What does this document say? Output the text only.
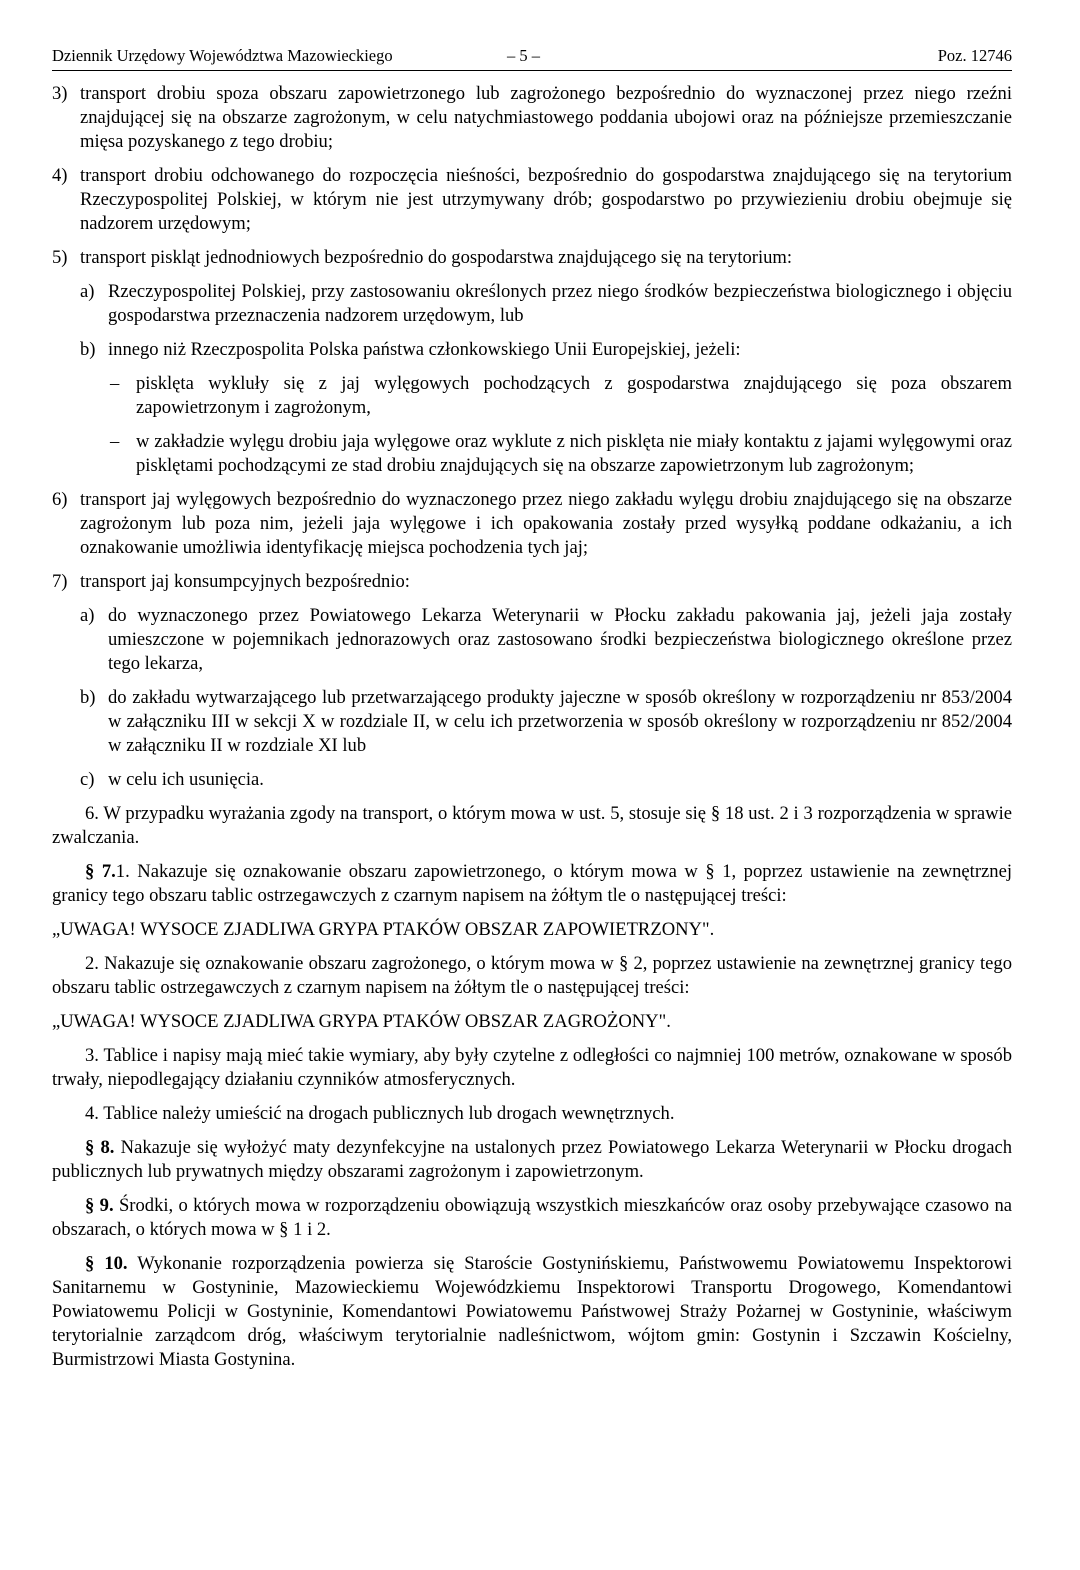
Dziennik Urzędowy Województwa Mazowieckiego	– 5 –	Poz. 12746
3) transport drobiu spoza obszaru zapowietrzonego lub zagrożonego bezpośrednio do wyznaczonej przez niego rzeźni znajdującej się na obszarze zagrożonym, w celu natychmiastowego poddania ubojowi oraz na późniejsze przemieszczanie mięsa pozyskanego z tego drobiu;
4) transport drobiu odchowanego do rozpoczęcia nieśności, bezpośrednio do gospodarstwa znajdującego się na terytorium Rzeczypospolitej Polskiej, w którym nie jest utrzymywany drób; gospodarstwo po przywiezieniu drobiu obejmuje się nadzorem urzędowym;
5) transport piskląt jednodniowych bezpośrednio do gospodarstwa znajdującego się na terytorium:
a) Rzeczypospolitej Polskiej, przy zastosowaniu określonych przez niego środków bezpieczeństwa biologicznego i objęciu gospodarstwa przeznaczenia nadzorem urzędowym, lub
b) innego niż Rzeczpospolita Polska państwa członkowskiego Unii Europejskiej, jeżeli:
– pisklęta wykluły się z jaj wylęgowych pochodzących z gospodarstwa znajdującego się poza obszarem zapowietrzonym i zagrożonym,
– w zakładzie wylęgu drobiu jaja wylęgowe oraz wyklute z nich pisklęta nie miały kontaktu z jajami wylęgowymi oraz pisklętami pochodzącymi ze stad drobiu znajdujących się na obszarze zapowietrzonym lub zagrożonym;
6) transport jaj wylęgowych bezpośrednio do wyznaczonego przez niego zakładu wylęgu drobiu znajdującego się na obszarze zagrożonym lub poza nim, jeżeli jaja wylęgowe i ich opakowania zostały przed wysyłką poddane odkażaniu, a ich oznakowanie umożliwia identyfikację miejsca pochodzenia tych jaj;
7) transport jaj konsumpcyjnych bezpośrednio:
a) do wyznaczonego przez Powiatowego Lekarza Weterynarii w Płocku zakładu pakowania jaj, jeżeli jaja zostały umieszczone w pojemnikach jednorazowych oraz zastosowano środki bezpieczeństwa biologicznego określone przez tego lekarza,
b) do zakładu wytwarzającego lub przetwarzającego produkty jajeczne w sposób określony w rozporządzeniu nr 853/2004 w załączniku III w sekcji X w rozdziale II, w celu ich przetworzenia w sposób określony w rozporządzeniu nr 852/2004 w załączniku II w rozdziale XI lub
c) w celu ich usunięcia.
6. W przypadku wyrażania zgody na transport, o którym mowa w ust. 5, stosuje się § 18 ust. 2 i 3 rozporządzenia w sprawie zwalczania.
§ 7.1. Nakazuje się oznakowanie obszaru zapowietrzonego, o którym mowa w § 1, poprzez ustawienie na zewnętrznej granicy tego obszaru tablic ostrzegawczych z czarnym napisem na żółtym tle o następującej treści:
„UWAGA! WYSOCE ZJADLIWA GRYPA PTAKÓW OBSZAR ZAPOWIETRZONY".
2. Nakazuje się oznakowanie obszaru zagrożonego, o którym mowa w § 2, poprzez ustawienie na zewnętrznej granicy tego obszaru tablic ostrzegawczych z czarnym napisem na żółtym tle o następującej treści:
„UWAGA! WYSOCE ZJADLIWA GRYPA PTAKÓW OBSZAR ZAGROŻONY".
3. Tablice i napisy mają mieć takie wymiary, aby były czytelne z odległości co najmniej 100 metrów, oznakowane w sposób trwały, niepodlegający działaniu czynników atmosferycznych.
4. Tablice należy umieścić na drogach publicznych lub drogach wewnętrznych.
§ 8. Nakazuje się wyłożyć maty dezynfekcyjne na ustalonych przez Powiatowego Lekarza Weterynarii w Płocku drogach publicznych lub prywatnych między obszarami zagrożonym i zapowietrzonym.
§ 9. Środki, o których mowa w rozporządzeniu obowiązują wszystkich mieszkańców oraz osoby przebywające czasowo na obszarach, o których mowa w § 1 i 2.
§ 10. Wykonanie rozporządzenia powierza się Staroście Gostynińskiemu, Państwowemu Powiatowemu Inspektorowi Sanitarnemu w Gostyninie, Mazowieckiemu Wojewódzkiemu Inspektorowi Transportu Drogowego, Komendantowi Powiatowemu Policji w Gostyninie, Komendantowi Powiatowemu Państwowej Straży Pożarnej w Gostyninie, właściwym terytorialnie zarządcom dróg, właściwym terytorialnie nadleśnictwom, wójtom gmin: Gostynin i Szczawin Kościelny, Burmistrzowi Miasta Gostynina.
